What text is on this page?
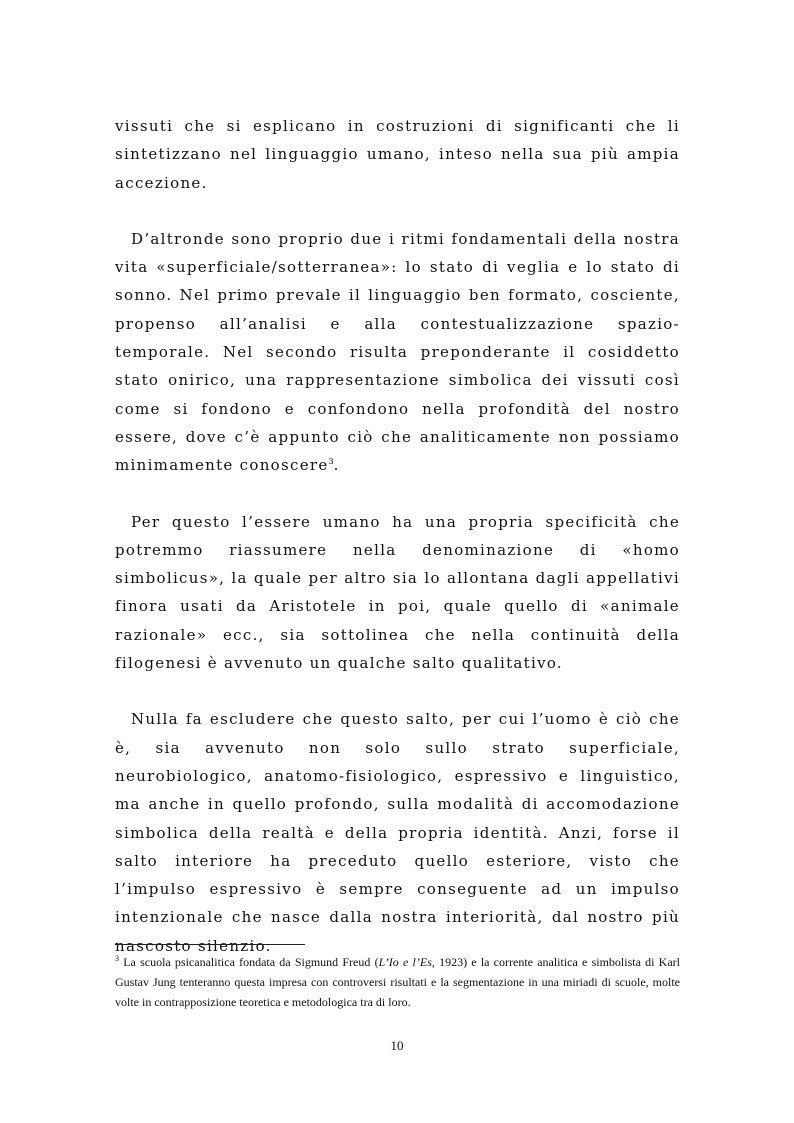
vissuti che si esplicano in costruzioni di significanti che li sintetizzano nel linguaggio umano, inteso nella sua più ampia accezione.

D’altronde sono proprio due i ritmi fondamentali della nostra vita «superficiale/sotterranea»: lo stato di veglia e lo stato di sonno. Nel primo prevale il linguaggio ben formato, cosciente, propenso all’analisi e alla contestualizzazione spazio-temporale. Nel secondo risulta preponderante il cosiddetto stato onirico, una rappresentazione simbolica dei vissuti così come si fondono e confondono nella profondità del nostro essere, dove c’è appunto ciò che analiticamente non possiamo minimamente conoscere$^3$.

Per questo l’essere umano ha una propria specificità che potremmo riassumere nella denominazione di «homo simbolicus», la quale per altro sia lo allontana dagli appellativi finora usati da Aristotele in poi, quale quello di «animale razionale» ecc., sia sottolinea che nella continuità della filogenesi è avvenuto un qualche salto qualitativo.

Nulla fa escludere che questo salto, per cui l’uomo è ciò che è, sia avvenuto non solo sullo strato superficiale, neurobiologico, anatomo-fisiologico, espressivo e linguistico, ma anche in quello profondo, sulla modalità di accomodazione simbolica della realtà e della propria identità. Anzi, forse il salto interiore ha preceduto quello esteriore, visto che l’impulso espressivo è sempre conseguente ad un impulso intenzionale che nasce dalla nostra interiorità, dal nostro più nascosto silenzio.

$^3$ La scuola psicanalitica fondata da Sigmund Freud (L’Io e l’Es, 1923) e la corrente analitica e simbolista di Karl Gustav Jung tenteranno questa impresa con controversi risultati e la segmentazione in una miriadi di scuole, molte volte in contrapposizione teoretica e metodologica tra di loro.
10
